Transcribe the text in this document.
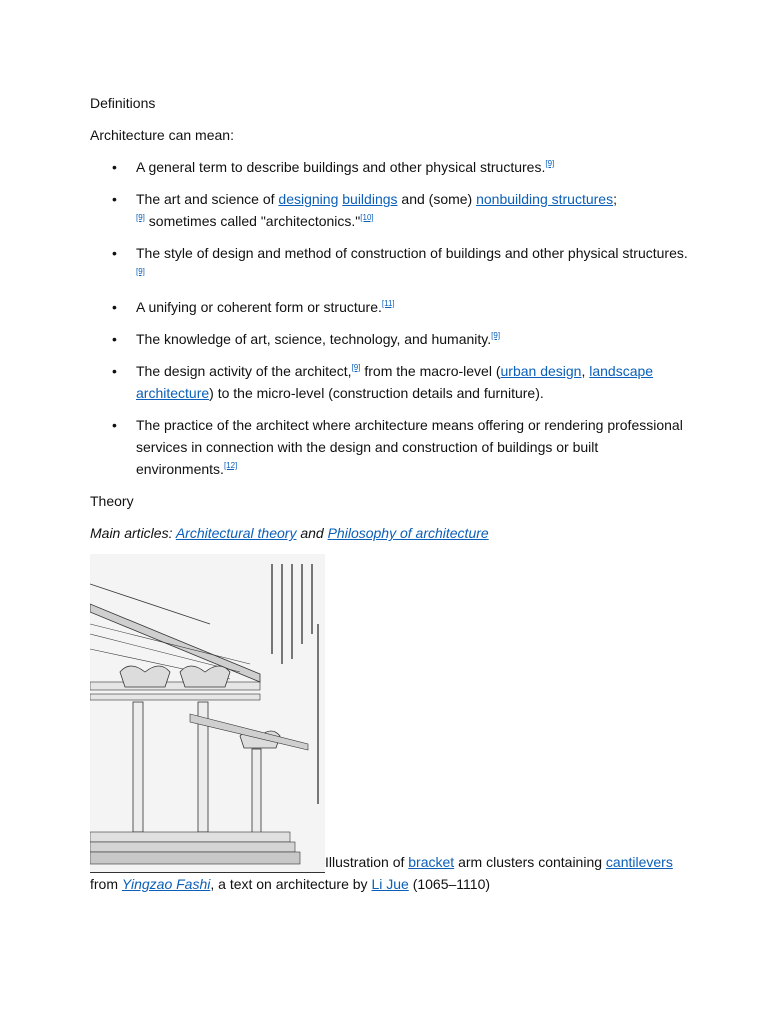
Definitions

Architecture can mean:

• A general term to describe buildings and other physical structures.[9]
• The art and science of designing buildings and (some) nonbuilding structures;
[9] sometimes called "architectonics."[10]
• The style of design and method of construction of buildings and other physical structures.[9]
• A unifying or coherent form or structure.[11]
• The knowledge of art, science, technology, and humanity.[9]
• The design activity of the architect,[9] from the macro-level (urban design, landscape architecture) to the micro-level (construction details and furniture).
• The practice of the architect where architecture means offering or rendering professional services in connection with the design and construction of buildings or built environments.[12]

Theory

Main articles: Architectural theory and Philosophy of architecture

Illustration of bracket arm clusters containing cantilevers from Yingzao Fashi, a text on architecture by Li Jue (1065–1110)
